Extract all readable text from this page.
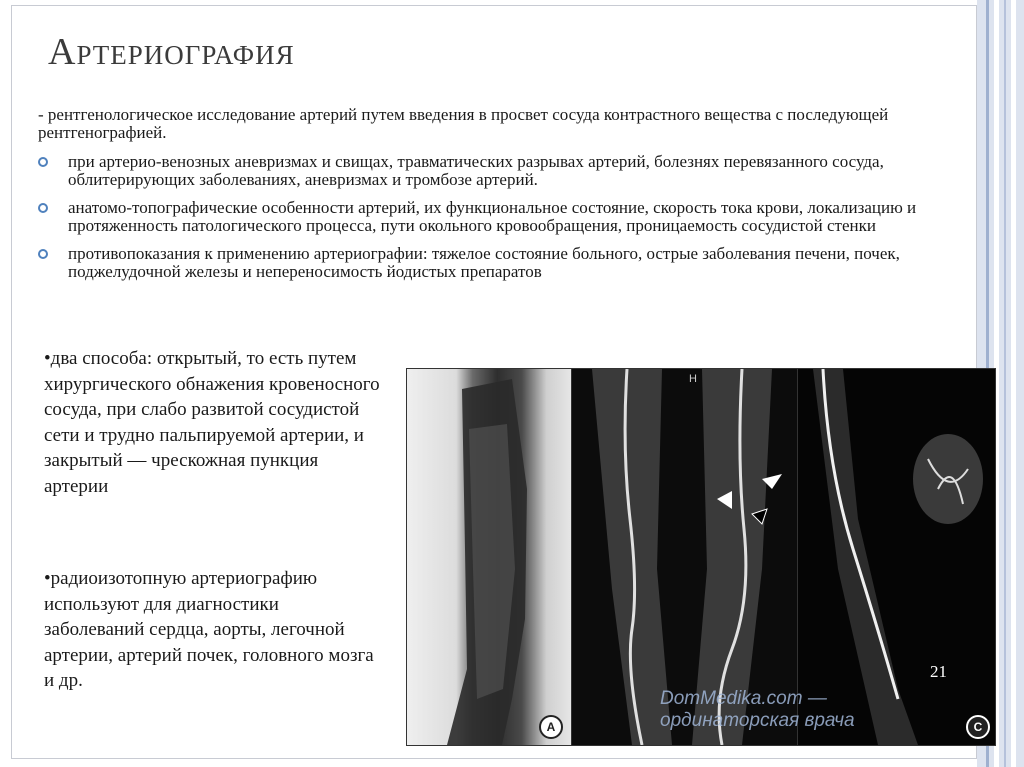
Артериография

- рентгенологическое исследование артерий путем введения в просвет сосуда контрастного вещества с последующей рентгенографией.

при артерио-венозных аневризмах и свищах, травматических разрывах артерий, болезнях перевязанного сосуда, облитерирующих заболеваниях, аневризмах и тромбозе артерий.
анатомо-топографические особенности артерий, их функциональное состояние, скорость тока крови, локализацию и протяженность патологического процесса, пути окольного кровообращения, проницаемость сосудистой стенки
противопоказания к применению артериографии: тяжелое состояние больного, острые заболевания печени, почек, поджелудочной железы и непереносимость йодистых препаратов

•два способа: открытый, то есть путем хирургического обнажения кровеносного сосуда, при слабо развитой сосудистой сети и трудно пальпируемой артерии, и закрытый — чрескожная пункция артерии

•радиоизотопную артериографию используют для диагностики заболеваний сердца, аорты, легочной артерии, артерий почек, головного мозга и др.

A
H
C
21
DomMedika.com —
ординаторская врача
